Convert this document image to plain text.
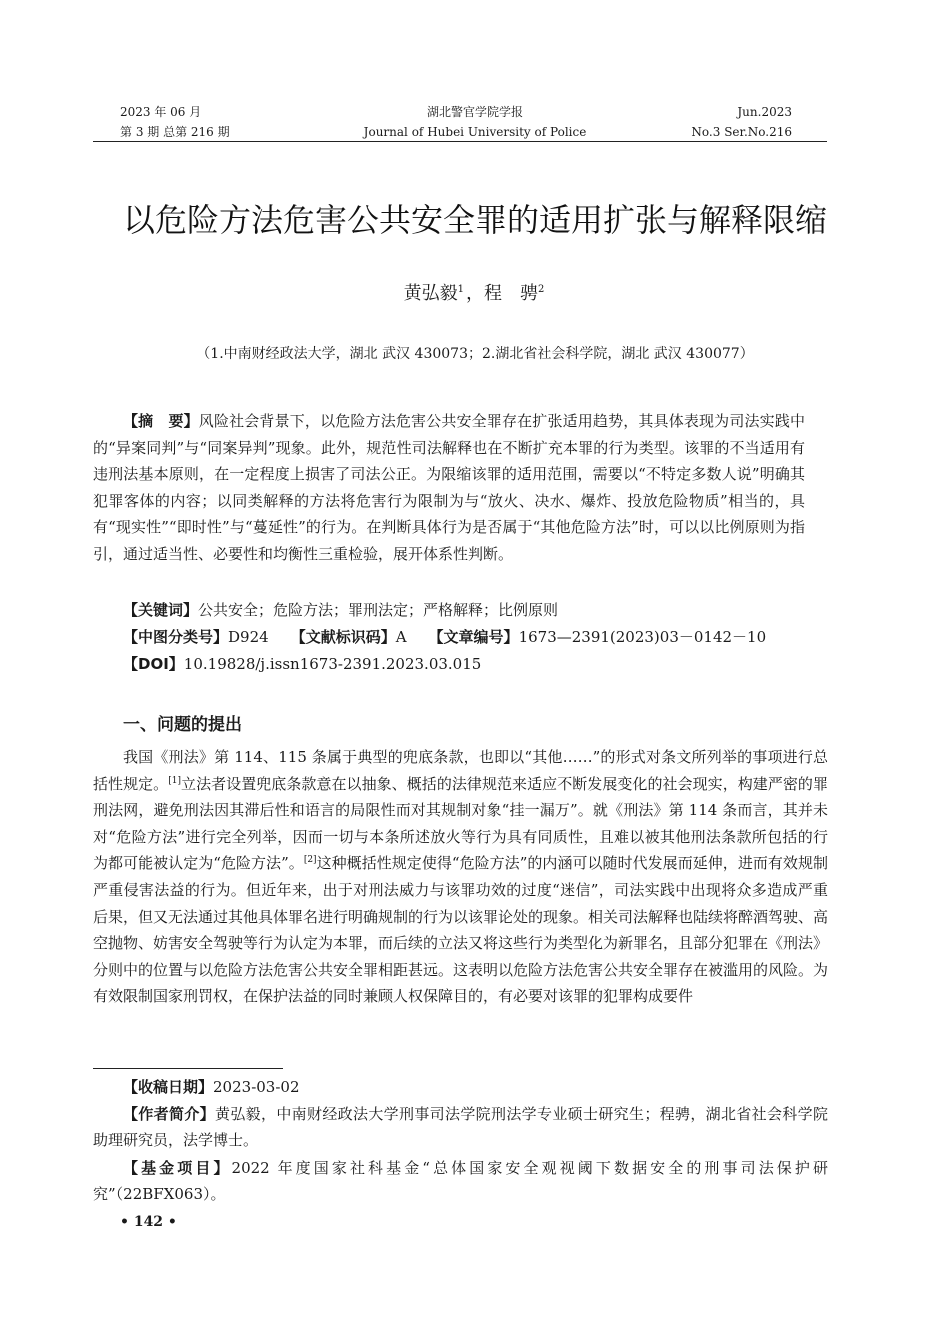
2023 年 06 月
第 3 期 总第 216 期
湖北警官学院学报
Journal of Hubei University of Police
Jun.2023
No.3 Ser.No.216
以危险方法危害公共安全罪的适用扩张与解释限缩
黄弘毅$^1$ ，程　骋$^2$
（1.中南财经政法大学，湖北 武汉 430073；2.湖北省社会科学院，湖北 武汉 430077）
【摘　要】风险社会背景下，以危险方法危害公共安全罪存在扩张适用趋势，其具体表现为司法实践中的“异案同判”与“同案异判”现象。此外，规范性司法解释也在不断扩充本罪的行为类型。该罪的不当适用有违刑法基本原则，在一定程度上损害了司法公正。为限缩该罪的适用范围，需要以“不特定多数人说”明确其犯罪客体的内容；以同类解释的方法将危害行为限制为与“放火、决水、爆炸、投放危险物质”相当的，具有“现实性”“即时性”与“蔓延性”的行为。在判断具体行为是否属于“其他危险方法”时，可以以比例原则为指引，通过适当性、必要性和均衡性三重检验，展开体系性判断。
【关键词】公共安全；危险方法；罪刑法定；严格解释；比例原则
【中图分类号】D924 【文献标识码】A 【文章编号】1673—2391(2023)03－0142－10
【DOI】10.19828/j.issn1673-2391.2023.03.015
一、问题的提出
我国《刑法》第 114、115 条属于典型的兜底条款，也即以“其他……”的形式对条文所列举的事项进行总括性规定。[1]立法者设置兜底条款意在以抽象、概括的法律规范来适应不断发展变化的社会现实，构建严密的罪刑法网，避免刑法因其滞后性和语言的局限性而对其规制对象“挂一漏万”。就《刑法》第 114 条而言，其并未对“危险方法”进行完全列举，因而一切与本条所述放火等行为具有同质性，且难以被其他刑法条款所包括的行为都可能被认定为“危险方法”。[2]这种概括性规定使得“危险方法”的内涵可以随时代发展而延伸，进而有效规制严重侵害法益的行为。但近年来，出于对刑法威力与该罪功效的过度“迷信”，司法实践中出现将众多造成严重后果，但又无法通过其他具体罪名进行明确规制的行为以该罪论处的现象。相关司法解释也陆续将醉酒驾驶、高空抛物、妨害安全驾驶等行为认定为本罪，而后续的立法又将这些行为类型化为新罪名，且部分犯罪在《刑法》分则中的位置与以危险方法危害公共安全罪相距甚远。这表明以危险方法危害公共安全罪存在被滥用的风险。为有效限制国家刑罚权，在保护法益的同时兼顾人权保障目的，有必要对该罪的犯罪构成要件
【收稿日期】2023-03-02
【作者简介】黄弘毅，中南财经政法大学刑事司法学院刑法学专业硕士研究生；程骋，湖北省社会科学院助理研究员，法学博士。
【基金项目】2022 年度国家社科基金“总体国家安全观视阈下数据安全的刑事司法保护研究”（22BFX063）。
• 142 •
